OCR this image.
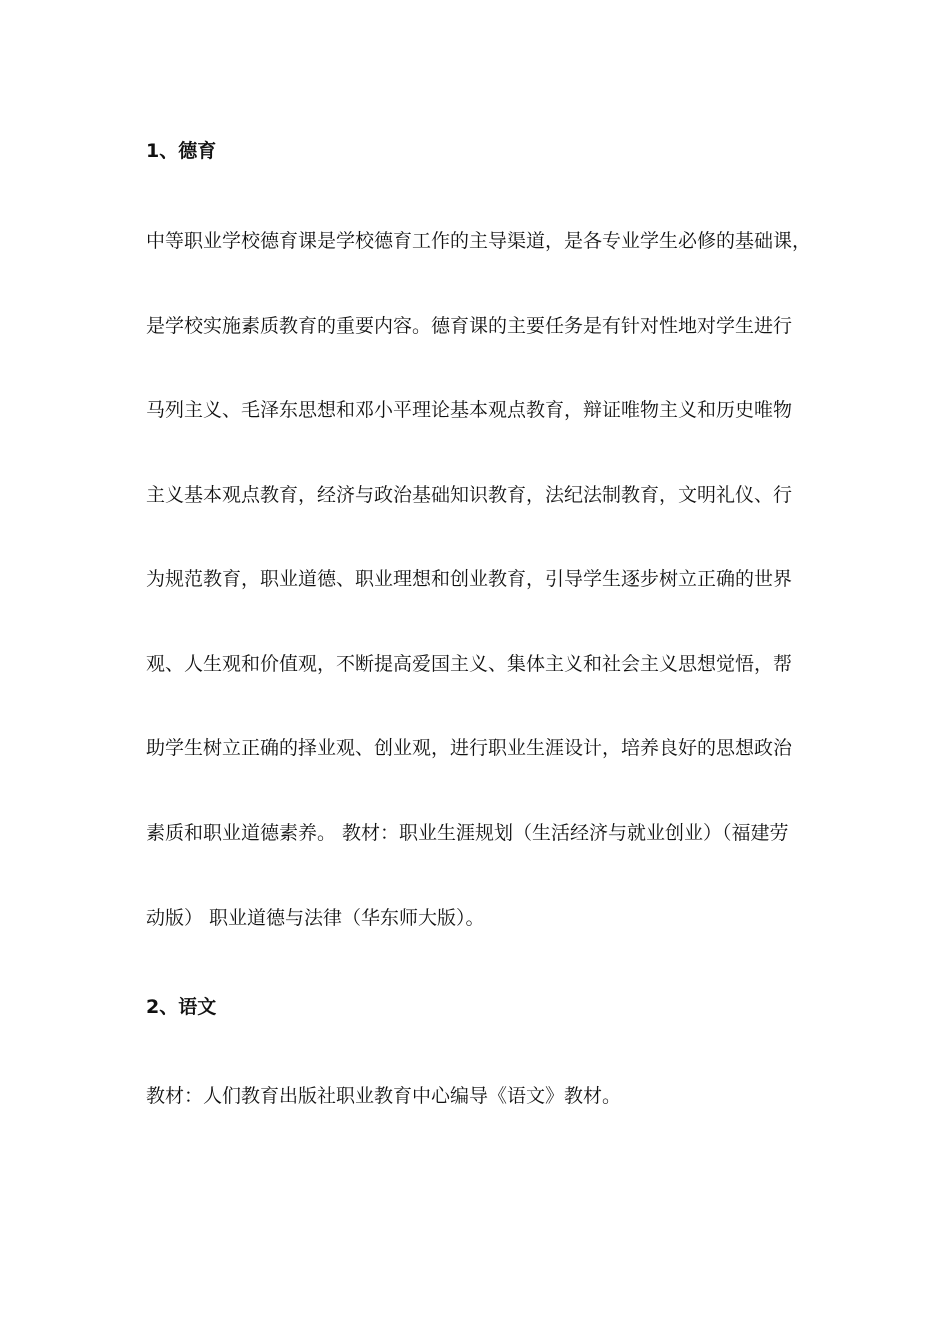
1、德育
中等职业学校德育课是学校德育工作的主导渠道，是各专业学生必修的基础课，
是学校实施素质教育的重要内容。德育课的主要任务是有针对性地对学生进行
马列主义、毛泽东思想和邓小平理论基本观点教育，辩证唯物主义和历史唯物
主义基本观点教育，经济与政治基础知识教育，法纪法制教育，文明礼仪、行
为规范教育，职业道德、职业理想和创业教育，引导学生逐步树立正确的世界
观、人生观和价值观，不断提高爱国主义、集体主义和社会主义思想觉悟，帮
助学生树立正确的择业观、创业观，进行职业生涯设计，培养良好的思想政治
素质和职业道德素养。 教材：职业生涯规划（生活经济与就业创业）（福建劳
动版） 职业道德与法律（华东师大版）。
2、语文
教材：人们教育出版社职业教育中心编导《语文》教材。
